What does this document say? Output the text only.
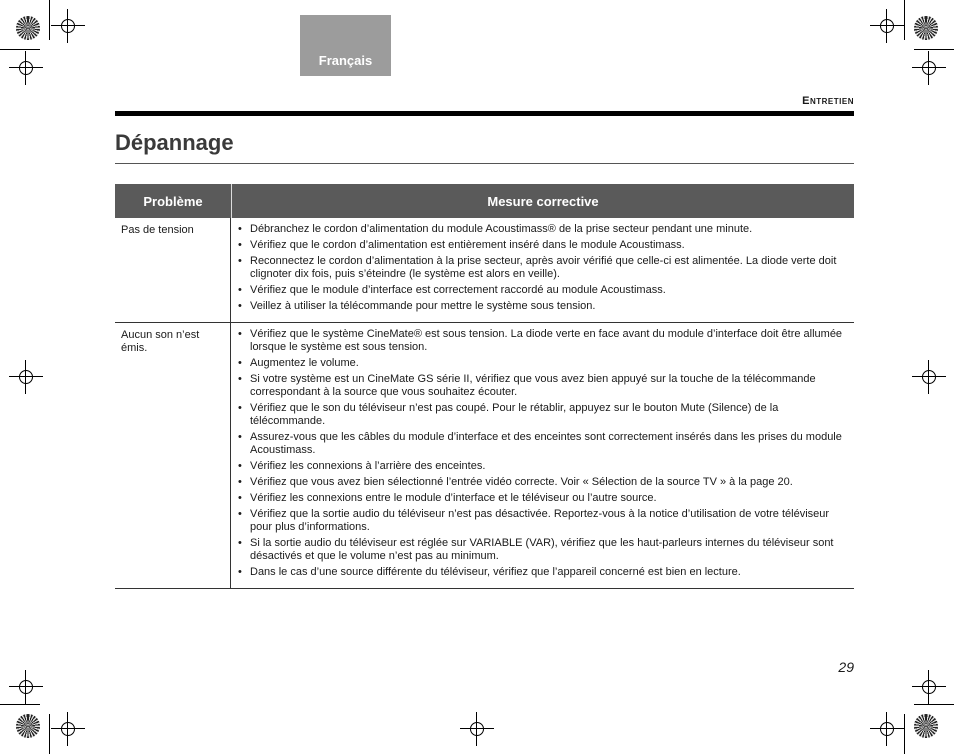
Français
Entretien
Dépannage
Problème	Mesure corrective
Pas de tension
•	Débranchez le cordon d’alimentation du module Acoustimass® de la prise secteur pendant une minute.
• Vérifiez que le cordon d’alimentation est entièrement inséré dans le module Acoustimass.
• Reconnectez le cordon d’alimentation à la prise secteur, après avoir vérifié que celle-ci est alimentée. La diode verte doit clignoter dix fois, puis s’éteindre (le système est alors en veille).
• Vérifiez que le module d’interface est correctement raccordé au module Acoustimass.
• Veillez à utiliser la télécommande pour mettre le système sous tension.
Aucun son n’est émis.
• Vérifiez que le système CineMate® est sous tension. La diode verte en face avant du module d’interface doit être allumée lorsque le système est sous tension.
• Augmentez le volume.
• Si votre système est un CineMate GS série II, vérifiez que vous avez bien appuyé sur la touche de la télécommande correspondant à la source que vous souhaitez écouter.
• Vérifiez que le son du téléviseur n’est pas coupé. Pour le rétablir, appuyez sur le bouton Mute (Silence) de la télécommande.
• Assurez-vous que les câbles du module d’interface et des enceintes sont correctement insérés dans les prises du module Acoustimass.
• Vérifiez les connexions à l’arrière des enceintes.
• Vérifiez que vous avez bien sélectionné l’entrée vidéo correcte. Voir « Sélection de la source TV » à la page 20.
• Vérifiez les connexions entre le module d’interface et le téléviseur ou l’autre source.
• Vérifiez que la sortie audio du téléviseur n’est pas désactivée. Reportez-vous à la notice d’utilisation de votre téléviseur pour plus d’informations.
• Si la sortie audio du téléviseur est réglée sur VARIABLE (VAR), vérifiez que les haut-parleurs internes du téléviseur sont désactivés et que le volume n’est pas au minimum.
• Dans le cas d’une source différente du téléviseur, vérifiez que l’appareil concerné est bien en lecture.
29
